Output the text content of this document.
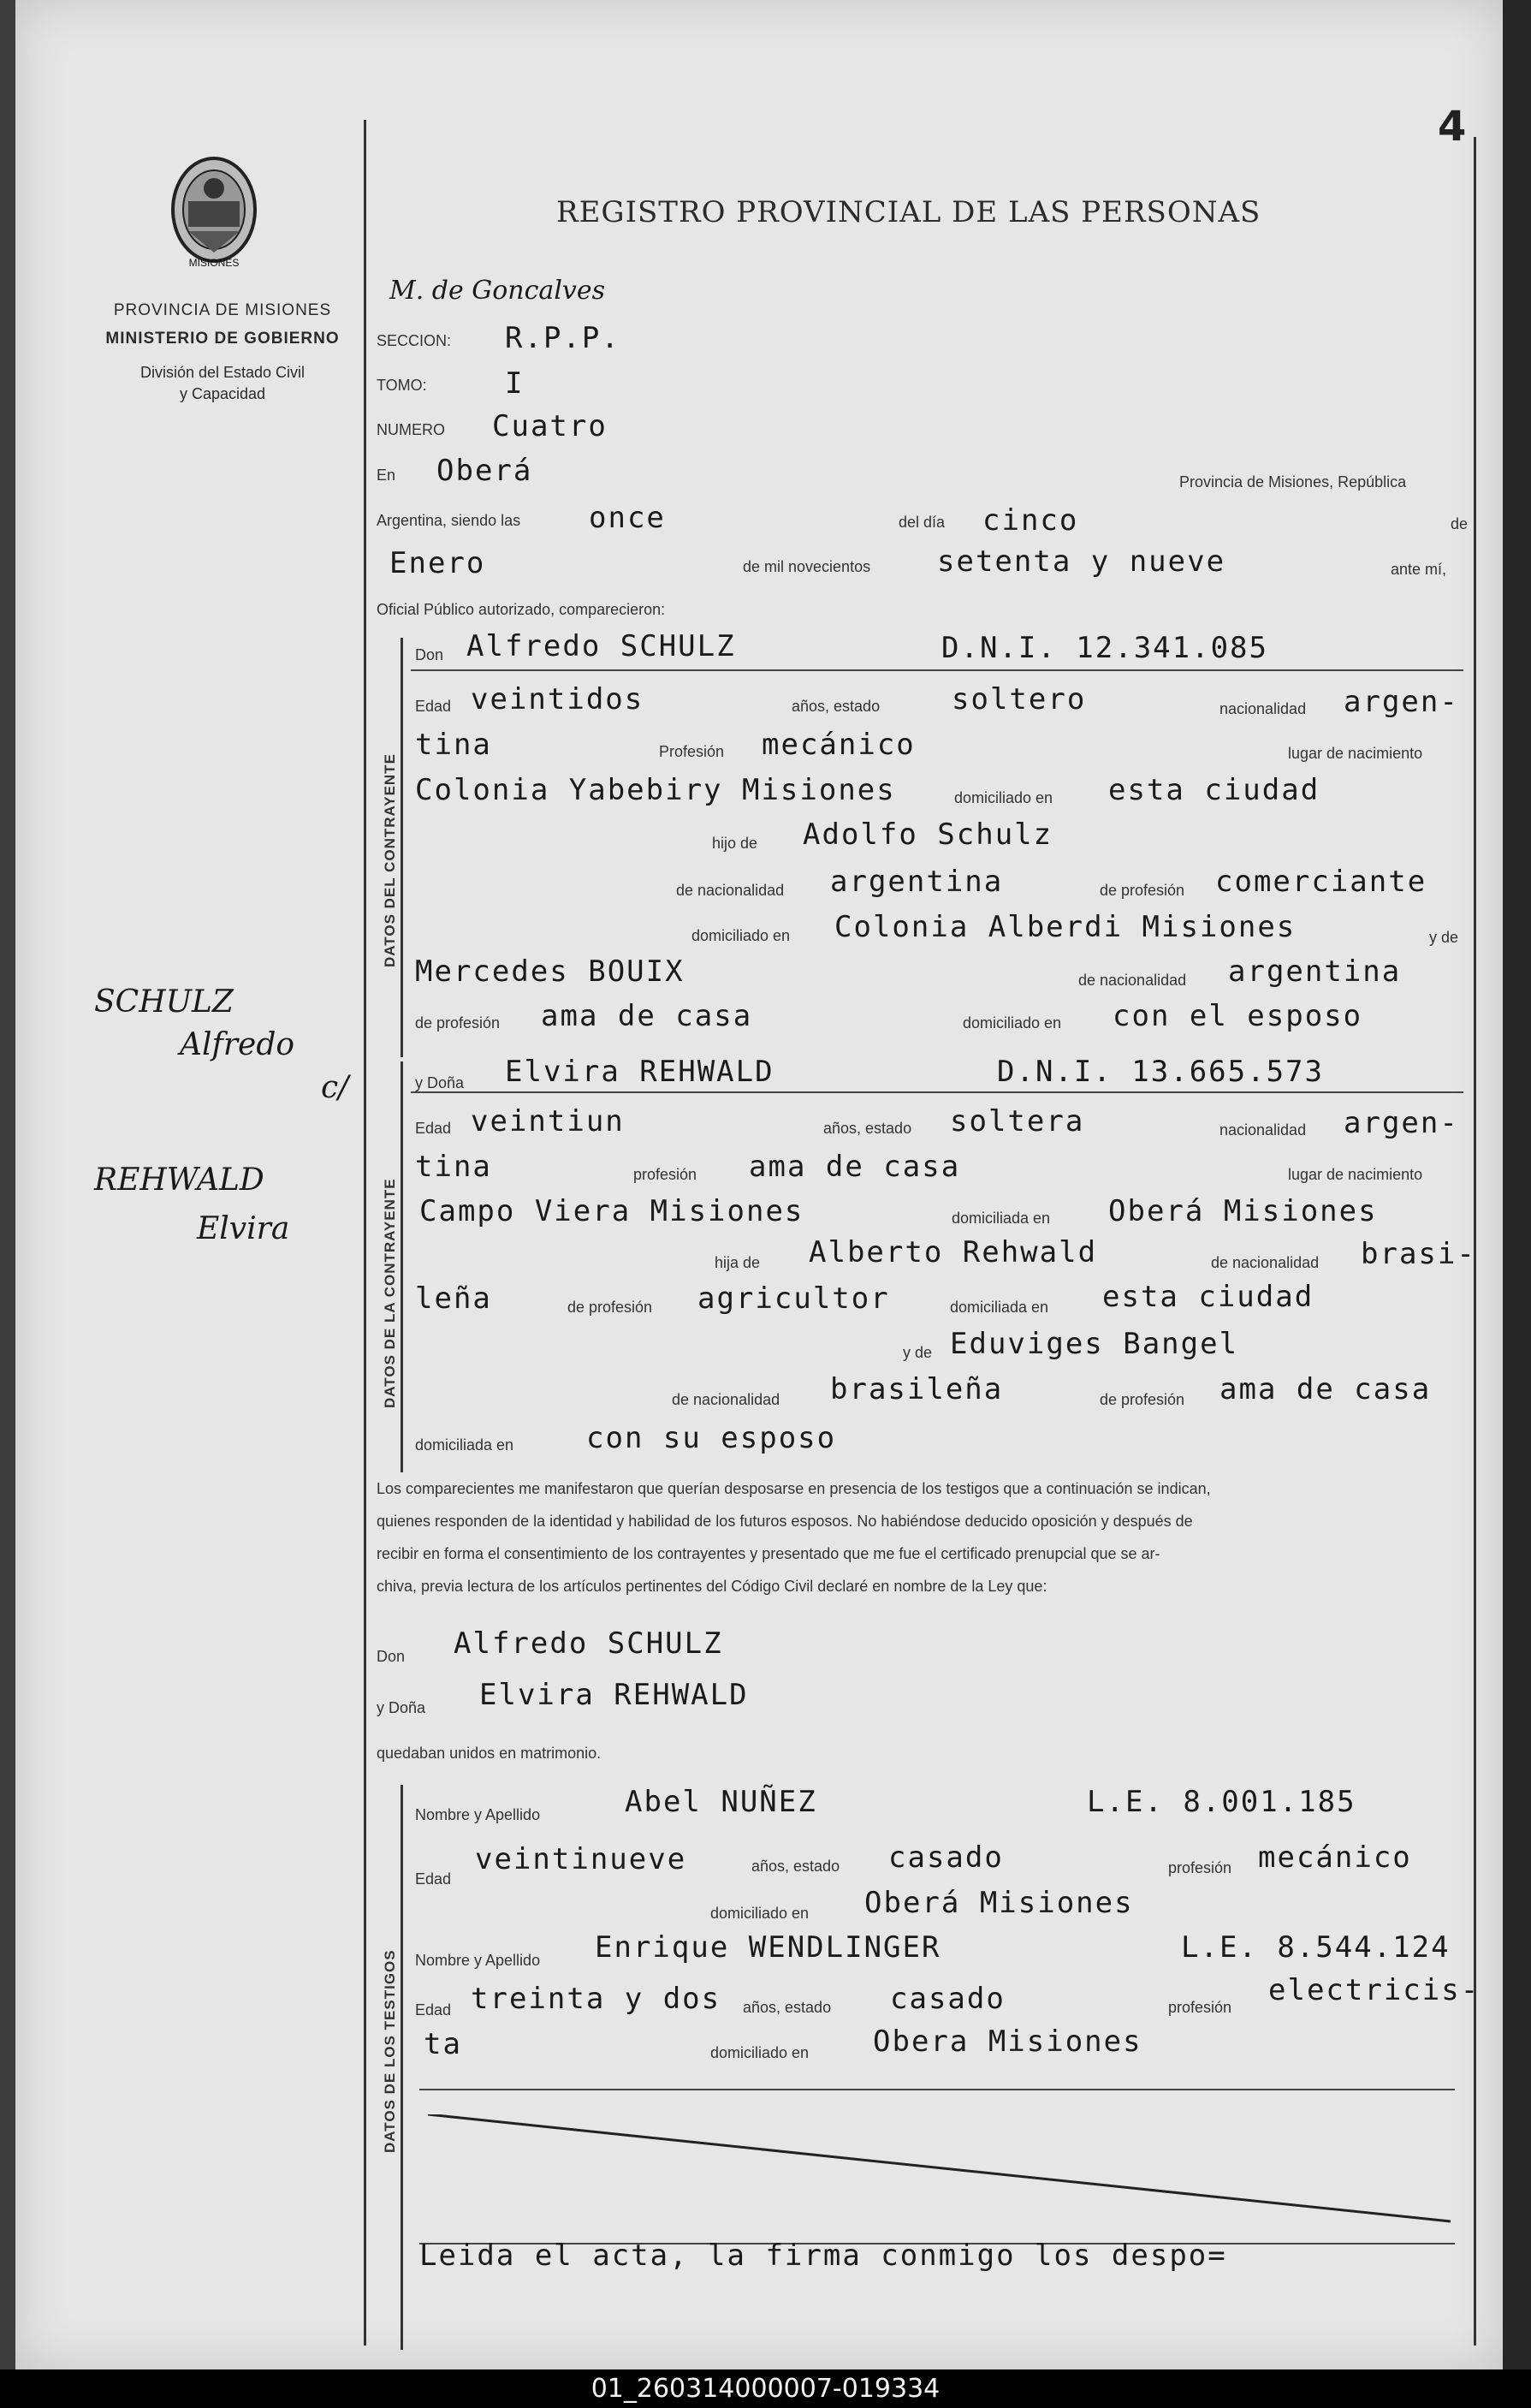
4
MISIONES
PROVINCIA DE MISIONES
MINISTERIO DE GOBIERNO
División del Estado Civil
y Capacidad
REGISTRO PROVINCIAL DE LAS PERSONAS
M. de Goncalves
SECCION: R.P.P.
TOMO:	I
NUMERO Cuatro
En Oberá	Provincia de Misiones, República
Argentina, siendo las once	del día cinco	de
Enero	de mil novecientos setenta y nueve	ante mí,
Oficial Público autorizado, comparecieron:
DATOS DEL CONTRAYENTE
Don Alfredo SCHULZ	D.N.I. 12.341.085
Edad veintidos	años, estado soltero	nacionalidad argen-
tina	Profesión mecánico	lugar de nacimiento
Colonia Yabebiry Misiones	domiciliado en esta ciudad
hijo de Adolfo Schulz
de nacionalidad argentina	de profesión comerciante
domiciliado en Colonia Alberdi Misiones	y de
Mercedes BOUIX	de nacionalidad argentina
de profesión ama de casa	domiciliado en con el esposo
DATOS DE LA CONTRAYENTE
y Doña Elvira REHWALD	D.N.I. 13.665.573
Edad veintiun	años, estado soltera	nacionalidad argen-
tina	profesión ama de casa	lugar de nacimiento
Campo Viera Misiones	domiciliada en Oberá Misiones
hija de Alberto Rehwald	de nacionalidad brasi-
leña	de profesión agricultor	domiciliada en esta ciudad
y de Eduviges Bangel
de nacionalidad brasileña	de profesión ama de casa
domiciliada en con su esposo
Los comparecientes me manifestaron que querían desposarse en presencia de los testigos que a continuación se indican,
quienes responden de la identidad y habilidad de los futuros esposos. No habiéndose deducido oposición y después de
recibir en forma el consentimiento de los contrayentes y presentado que me fue el certificado prenupcial que se ar-
chiva, previa lectura de los artículos pertinentes del Código Civil declaré en nombre de la Ley que:
Don Alfredo SCHULZ
y Doña Elvira REHWALD
quedaban unidos en matrimonio.
DATOS DE LOS TESTIGOS
Nombre y Apellido	Abel NUÑEZ	L.E. 8.001.185
Edad
veintinueve	años, estado casado	profesión mecánico
domiciliado en Oberá Misiones
Nombre y Apellido Enrique WENDLINGER	L.E. 8.544.124
Edad treinta y dos años, estado casado	profesión electricis-
ta	domiciliado en Obera Misiones
Leida el acta, la firma conmigo los despo=
SCHULZ
Alfredo
c/
REHWALD
Elvira
01_260314000007-019334
